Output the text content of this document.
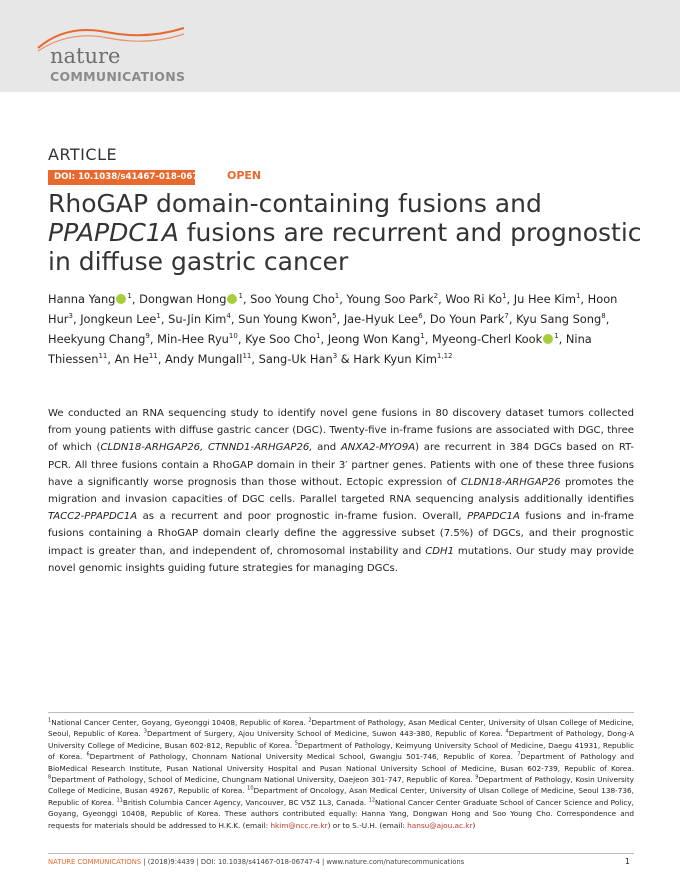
nature
COMMUNICATIONS
ARTICLE
DOI: 10.1038/s41467-018-06747-4 OPEN
RhoGAP domain-containing fusions and PPAPDC1A fusions are recurrent and prognostic in diffuse gastric cancer
Hanna Yang $^1$, Dongwan Hong $^1$, Soo Young Cho$^1$, Young Soo Park$^2$, Woo Ri Ko$^1$, Ju Hee Kim$^1$, Hoon Hur$^3$, Jongkeun Lee$^1$, Su-Jin Kim$^4$, Sun Young Kwon$^5$, Jae-Hyuk Lee$^6$, Do Youn Park$^7$, Kyu Sang Song$^8$, Heekyung Chang$^9$, Min-Hee Ryu$^{10}$, Kye Soo Cho$^1$, Jeong Won Kang$^1$, Myeong-Cherl Kook $^1$, Nina Thiessen$^{11}$, An He$^{11}$, Andy Mungall$^{11}$, Sang-Uk Han$^3$ & Hark Kyun Kim$^{1,12}$

We conducted an RNA sequencing study to identify novel gene fusions in 80 discovery dataset tumors collected from young patients with diffuse gastric cancer (DGC). Twenty-five in-frame fusions are associated with DGC, three of which (CLDN18-ARHGAP26, CTNND1-ARHGAP26, and ANXA2-MYO9A) are recurrent in 384 DGCs based on RT-PCR. All three fusions contain a RhoGAP domain in their 3′ partner genes. Patients with one of these three fusions have a significantly worse prognosis than those without. Ectopic expression of CLDN18-ARHGAP26 promotes the migration and invasion capacities of DGC cells. Parallel targeted RNA sequencing analysis additionally identifies TACC2-PPAPDC1A as a recurrent and poor prognostic in-frame fusion. Overall, PPAPDC1A fusions and in-frame fusions containing a RhoGAP domain clearly define the aggressive subset (7.5%) of DGCs, and their prognostic impact is greater than, and independent of, chromosomal instability and CDH1 mutations. Our study may provide novel genomic insights guiding future strategies for managing DGCs.

$^1$National Cancer Center, Goyang, Gyeonggi 10408, Republic of Korea. $^2$Department of Pathology, Asan Medical Center, University of Ulsan College of Medicine, Seoul, Republic of Korea. $^3$Department of Surgery, Ajou University School of Medicine, Suwon 443-380, Republic of Korea. $^4$Department of Pathology, Dong-A University College of Medicine, Busan 602-812, Republic of Korea. $^5$Department of Pathology, Keimyung University School of Medicine, Daegu 41931, Republic of Korea. $^6$Department of Pathology, Chonnam National University Medical School, Gwangju 501-746, Republic of Korea. $^7$Department of Pathology and BioMedical Research Institute, Pusan National University Hospital and Pusan National University School of Medicine, Busan 602-739, Republic of Korea. $^8$Department of Pathology, School of Medicine, Chungnam National University, Daejeon 301-747, Republic of Korea. $^9$Department of Pathology, Kosin University College of Medicine, Busan 49267, Republic of Korea. $^{10}$Department of Oncology, Asan Medical Center, University of Ulsan College of Medicine, Seoul 138-736, Republic of Korea. $^{11}$British Columbia Cancer Agency, Vancouver, BC V5Z 1L3, Canada. $^{12}$National Cancer Center Graduate School of Cancer Science and Policy, Goyang, Gyeonggi 10408, Republic of Korea. These authors contributed equally: Hanna Yang, Dongwan Hong and Soo Young Cho. Correspondence and requests for materials should be addressed to H.K.K. (email: hkim@ncc.re.kr) or to S.-U.H. (email: hansu@ajou.ac.kr)
NATURE COMMUNICATIONS | (2018)9:4439 | DOI: 10.1038/s41467-018-06747-4 | www.nature.com/naturecommunications	1
